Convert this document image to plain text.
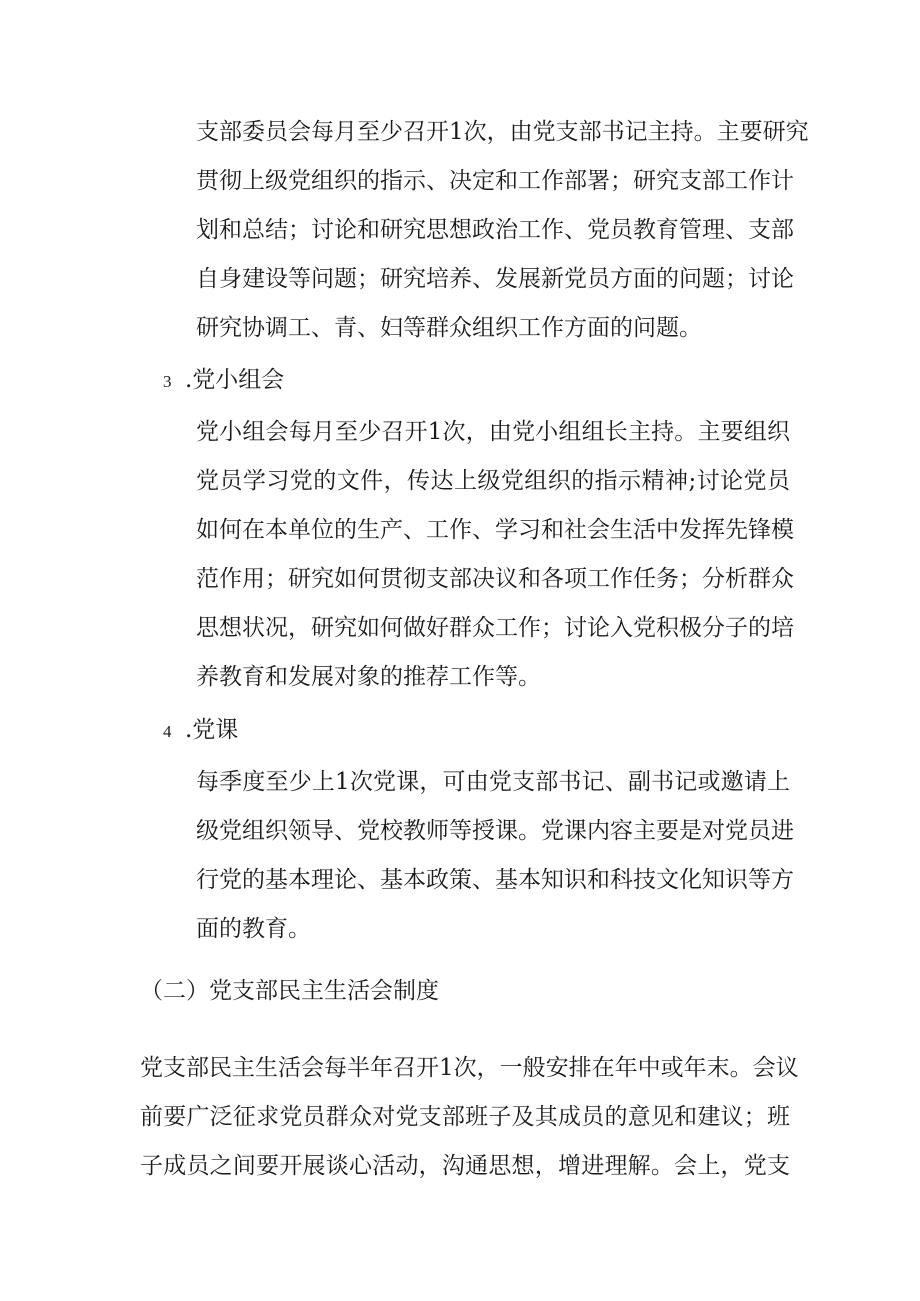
支部委员会每月至少召开1次，由党支部书记主持。主要研究
贯彻上级党组织的指示、决定和工作部署；研究支部工作计
划和总结；讨论和研究思想政治工作、党员教育管理、支部
自身建设等问题；研究培养、发展新党员方面的问题；讨论
研究协调工、青、妇等群众组织工作方面的问题。
3 .党小组会
党小组会每月至少召开1次，由党小组组长主持。主要组织
党员学习党的文件，传达上级党组织的指示精神;讨论党员
如何在本单位的生产、工作、学习和社会生活中发挥先锋模
范作用；研究如何贯彻支部决议和各项工作任务；分析群众
思想状况，研究如何做好群众工作；讨论入党积极分子的培
养教育和发展对象的推荐工作等。
4 .党课
每季度至少上1次党课，可由党支部书记、副书记或邀请上
级党组织领导、党校教师等授课。党课内容主要是对党员进
行党的基本理论、基本政策、基本知识和科技文化知识等方
面的教育。
（二）党支部民主生活会制度
党支部民主生活会每半年召开1次，一般安排在年中或年末。会议
前要广泛征求党员群众对党支部班子及其成员的意见和建议；班
子成员之间要开展谈心活动，沟通思想，增进理解。会上，党支
